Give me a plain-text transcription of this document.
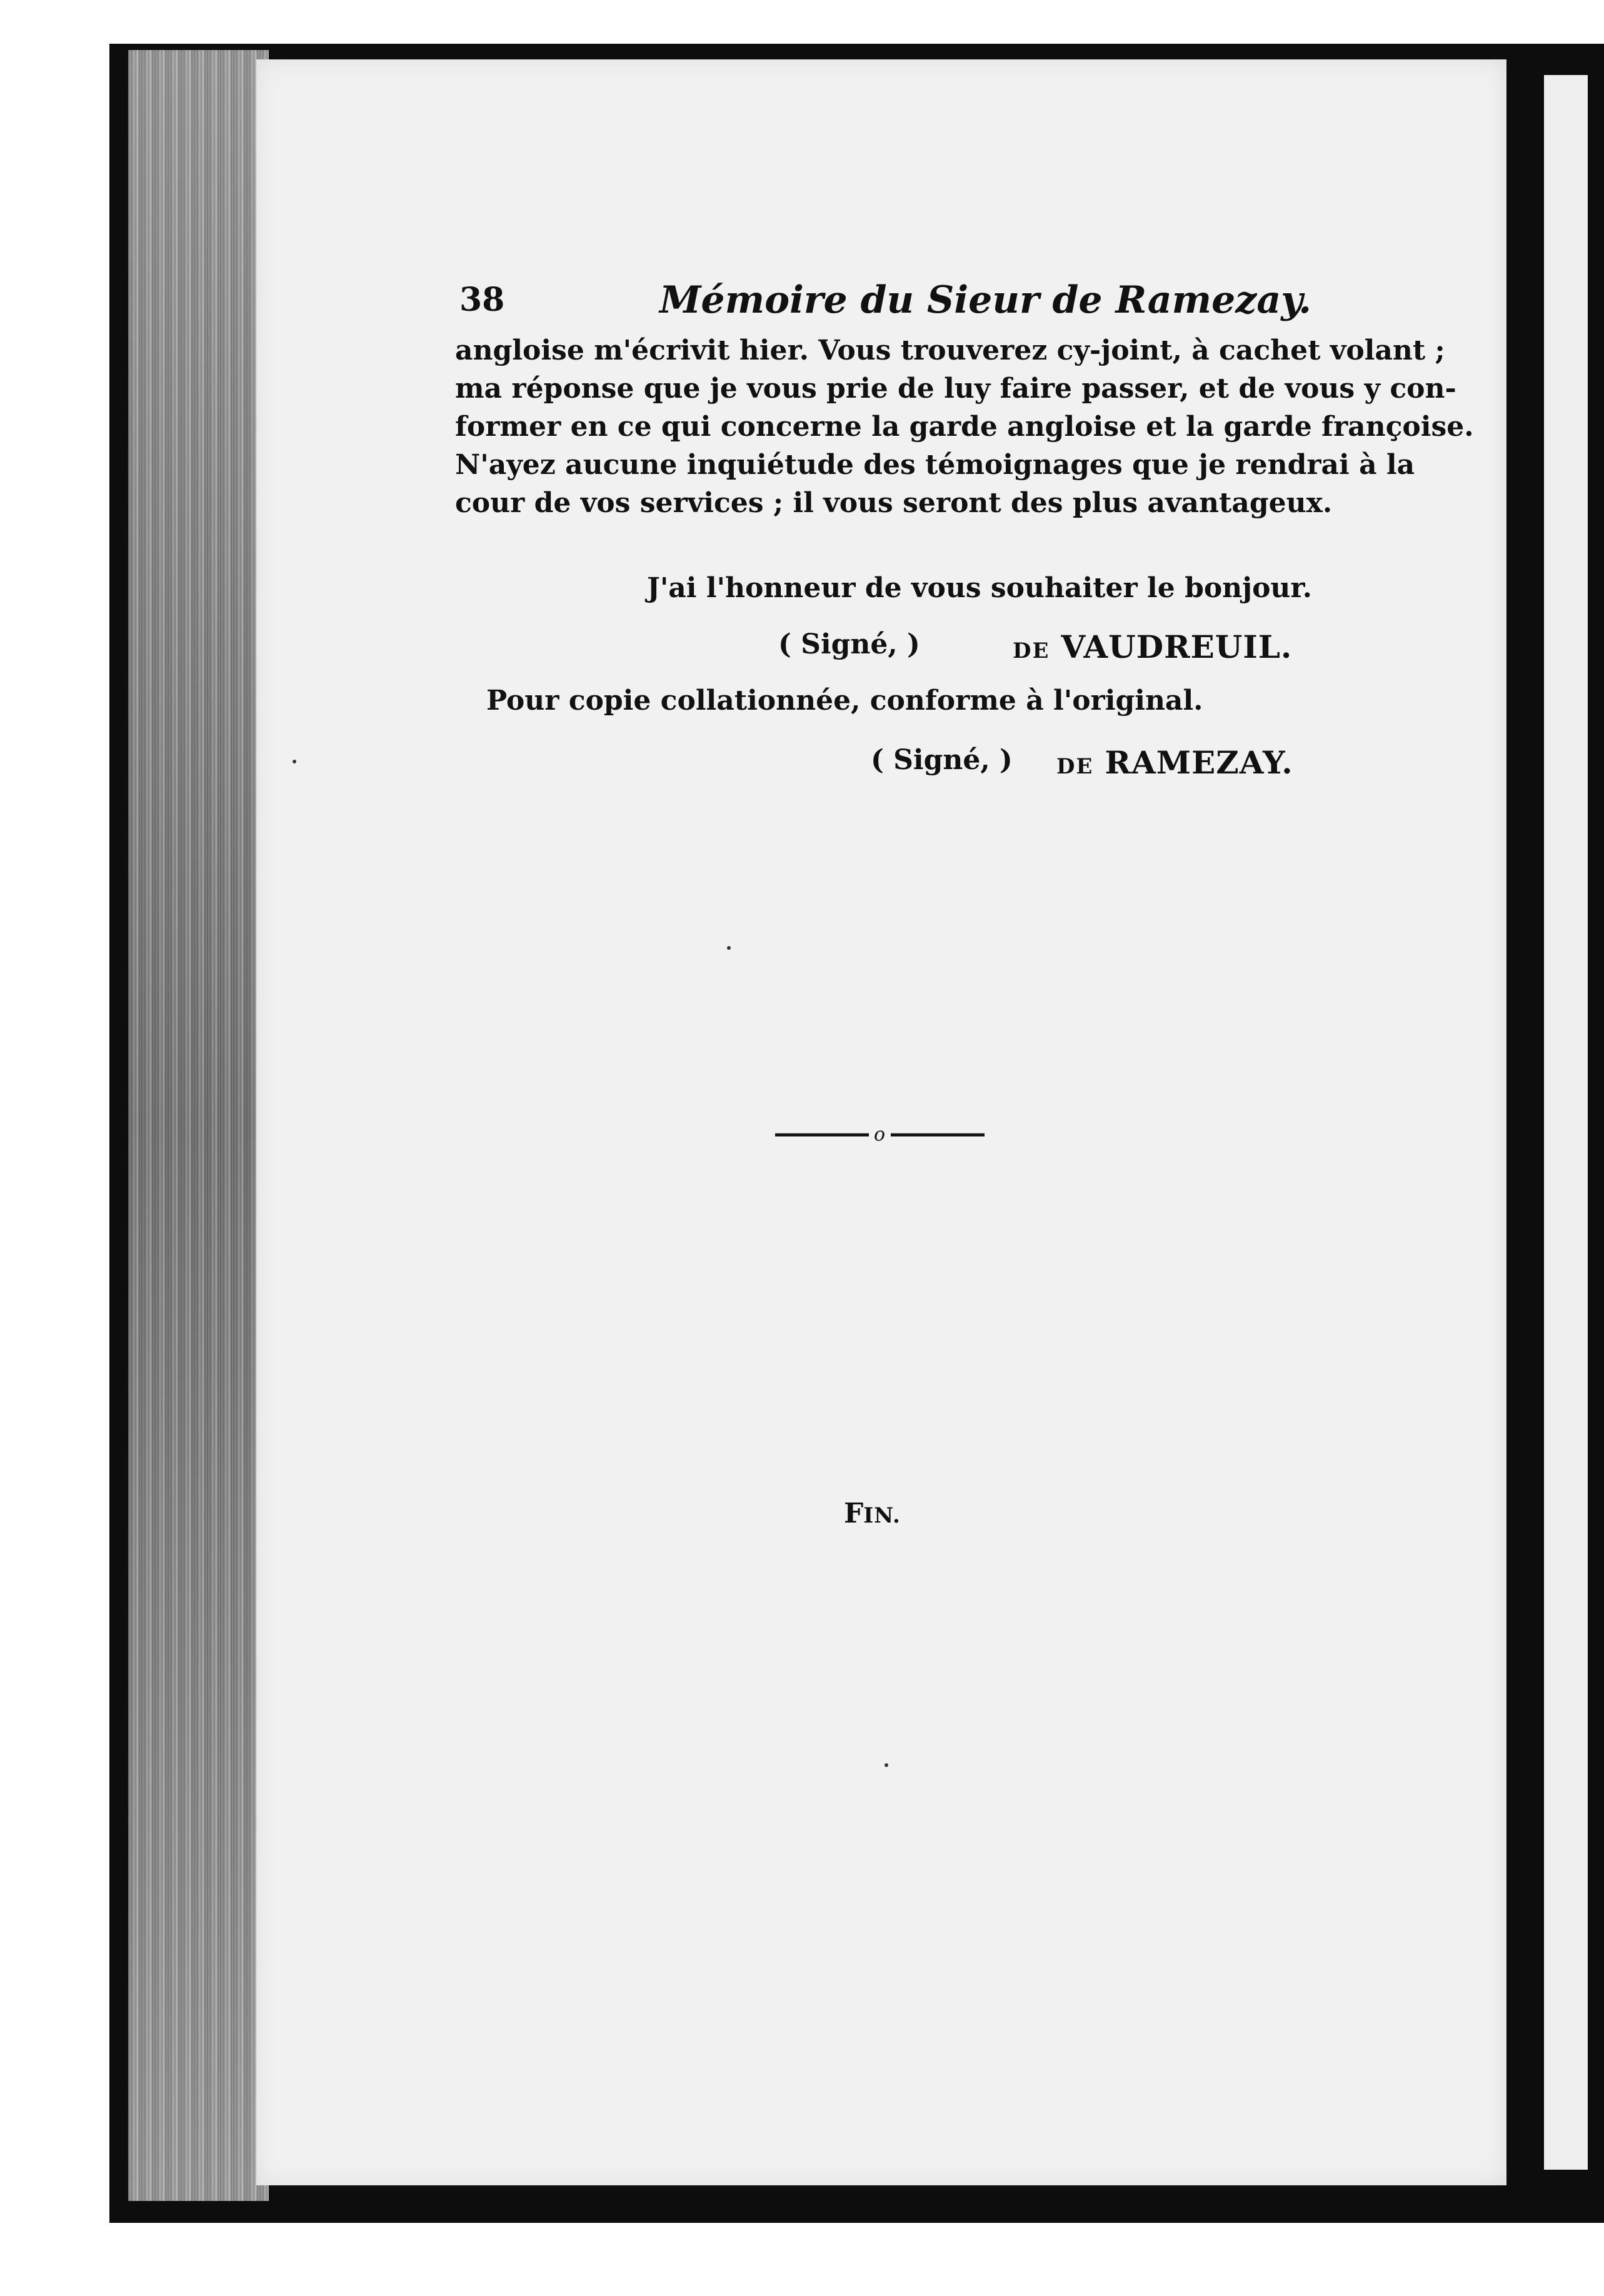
38	Mémoire du Sieur de Ramezay.
angloise m'écrivit hier. Vous trouverez cy-joint, à cachet volant ;
ma réponse que je vous prie de luy faire passer, et de vous y con-
former en ce qui concerne la garde angloise et la garde françoise.
N'ayez aucune inquiétude des témoignages que je rendrai à la
cour de vos services ; il vous seront des plus avantageux.
J'ai l'honneur de vous souhaiter le bonjour.
( Signé, )	DE VAUDREUIL.
Pour copie collationnée, conforme à l'original.
( Signé, ) DE RAMEZAY.
o
FIN.
